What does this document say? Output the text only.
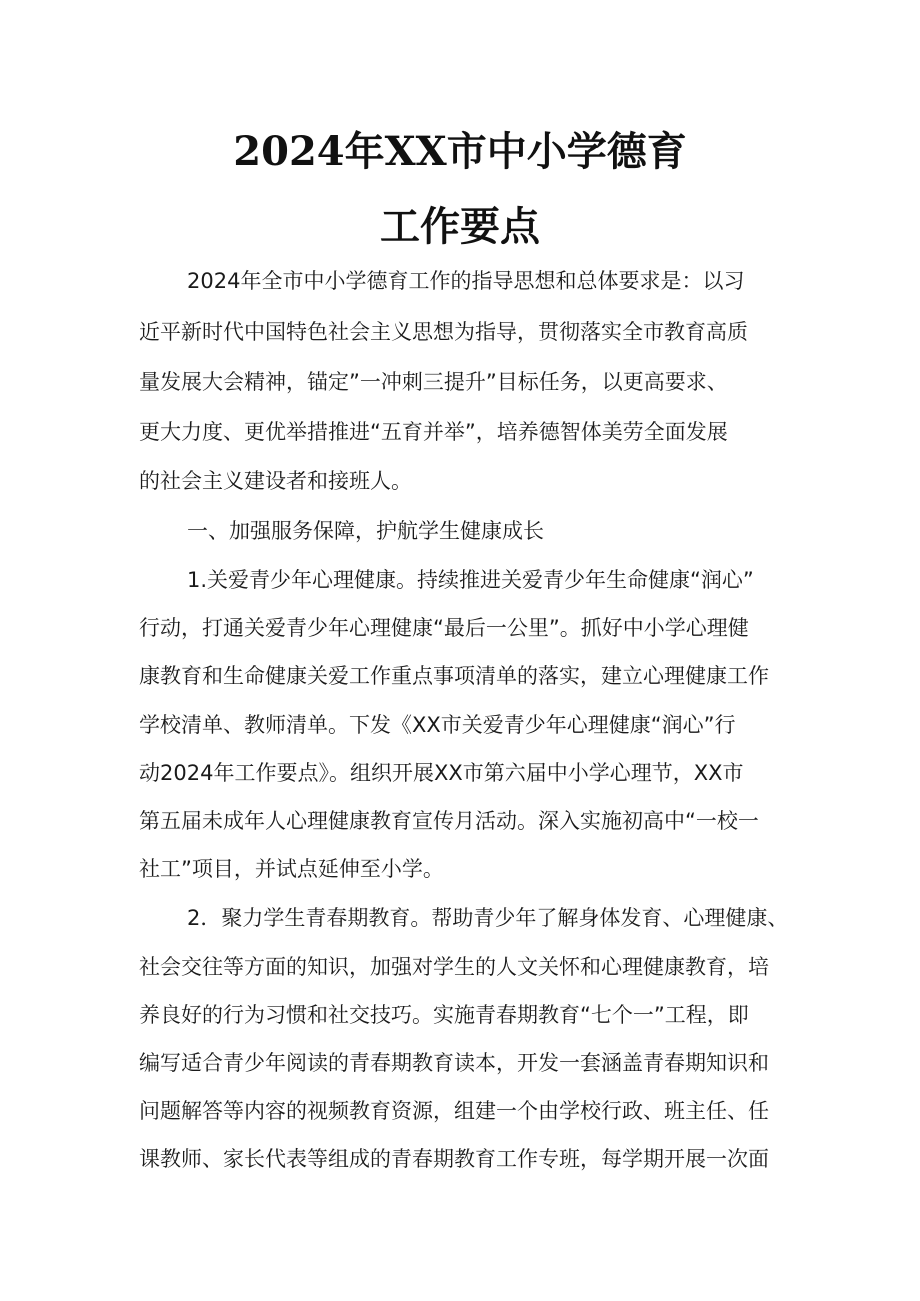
2024年XX市中小学德育
工作要点
2024年全市中小学德育工作的指导思想和总体要求是：以习
近平新时代中国特色社会主义思想为指导，贯彻落实全市教育高质
量发展大会精神，锚定”一冲刺三提升”目标任务，以更高要求、
更大力度、更优举措推进“五育并举”，培养德智体美劳全面发展
的社会主义建设者和接班人。
一、加强服务保障，护航学生健康成长
1.关爱青少年心理健康。持续推进关爱青少年生命健康“润心”
行动，打通关爱青少年心理健康“最后一公里”。抓好中小学心理健
康教育和生命健康关爱工作重点事项清单的落实，建立心理健康工作
学校清单、教师清单。下发《XX市关爱青少年心理健康“润心”行
动2024年工作要点》。组织开展XX市第六届中小学心理节，XX市
第五届未成年人心理健康教育宣传月活动。深入实施初高中“一校一
社工”项目，并试点延伸至小学。
2．聚力学生青春期教育。帮助青少年了解身体发育、心理健康、
社会交往等方面的知识，加强对学生的人文关怀和心理健康教育，培
养良好的行为习惯和社交技巧。实施青春期教育“七个一”工程，即
编写适合青少年阅读的青春期教育读本，开发一套涵盖青春期知识和
问题解答等内容的视频教育资源，组建一个由学校行政、班主任、任
课教师、家长代表等组成的青春期教育工作专班，每学期开展一次面
